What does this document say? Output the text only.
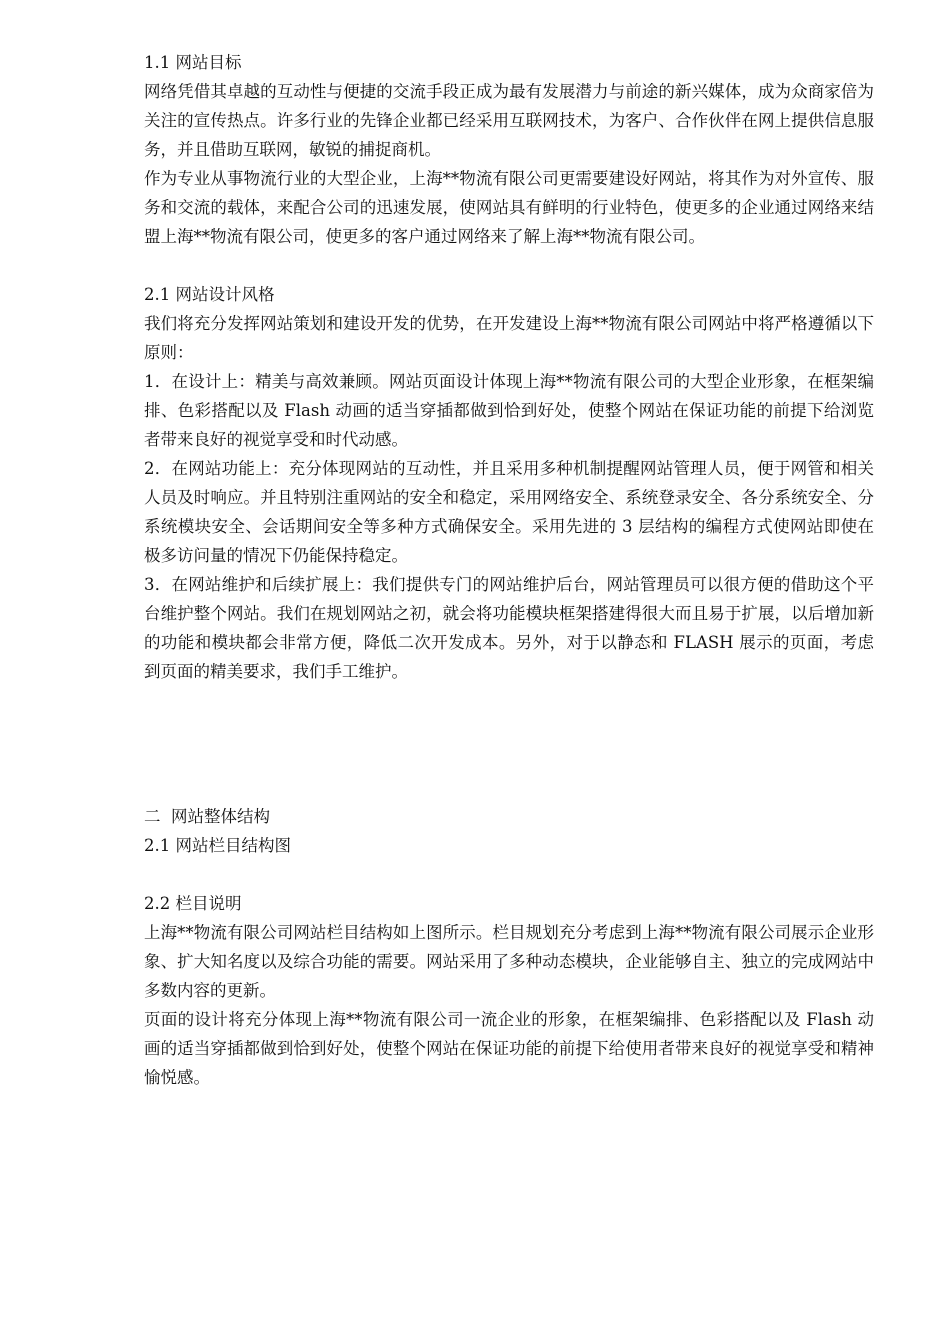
1.1 网站目标

网络凭借其卓越的互动性与便捷的交流手段正成为最有发展潜力与前途的新兴媒体，成为众商家倍为关注的宣传热点。许多行业的先锋企业都已经采用互联网技术，为客户、合作伙伴在网上提供信息服务，并且借助互联网，敏锐的捕捉商机。

作为专业从事物流行业的大型企业，上海**物流有限公司更需要建设好网站，将其作为对外宣传、服务和交流的载体，来配合公司的迅速发展，使网站具有鲜明的行业特色，使更多的企业通过网络来结盟上海**物流有限公司，使更多的客户通过网络来了解上海**物流有限公司。

2.1 网站设计风格

我们将充分发挥网站策划和建设开发的优势，在开发建设上海**物流有限公司网站中将严格遵循以下原则：

1．在设计上：精美与高效兼顾。网站页面设计体现上海**物流有限公司的大型企业形象，在框架编排、色彩搭配以及 Flash 动画的适当穿插都做到恰到好处，使整个网站在保证功能的前提下给浏览者带来良好的视觉享受和时代动感。

2．在网站功能上：充分体现网站的互动性，并且采用多种机制提醒网站管理人员，便于网管和相关人员及时响应。并且特别注重网站的安全和稳定，采用网络安全、系统登录安全、各分系统安全、分系统模块安全、会话期间安全等多种方式确保安全。采用先进的 3 层结构的编程方式使网站即使在极多访问量的情况下仍能保持稳定。

3．在网站维护和后续扩展上：我们提供专门的网站维护后台，网站管理员可以很方便的借助这个平台维护整个网站。我们在规划网站之初，就会将功能模块框架搭建得很大而且易于扩展，以后增加新的功能和模块都会非常方便，降低二次开发成本。另外，对于以静态和 FLASH 展示的页面，考虑到页面的精美要求，我们手工维护。

二  网站整体结构

2.1 网站栏目结构图

2.2 栏目说明

上海**物流有限公司网站栏目结构如上图所示。栏目规划充分考虑到上海**物流有限公司展示企业形象、扩大知名度以及综合功能的需要。网站采用了多种动态模块，企业能够自主、独立的完成网站中多数内容的更新。

页面的设计将充分体现上海**物流有限公司一流企业的形象，在框架编排、色彩搭配以及 Flash 动画的适当穿插都做到恰到好处，使整个网站在保证功能的前提下给使用者带来良好的视觉享受和精神愉悦感。
